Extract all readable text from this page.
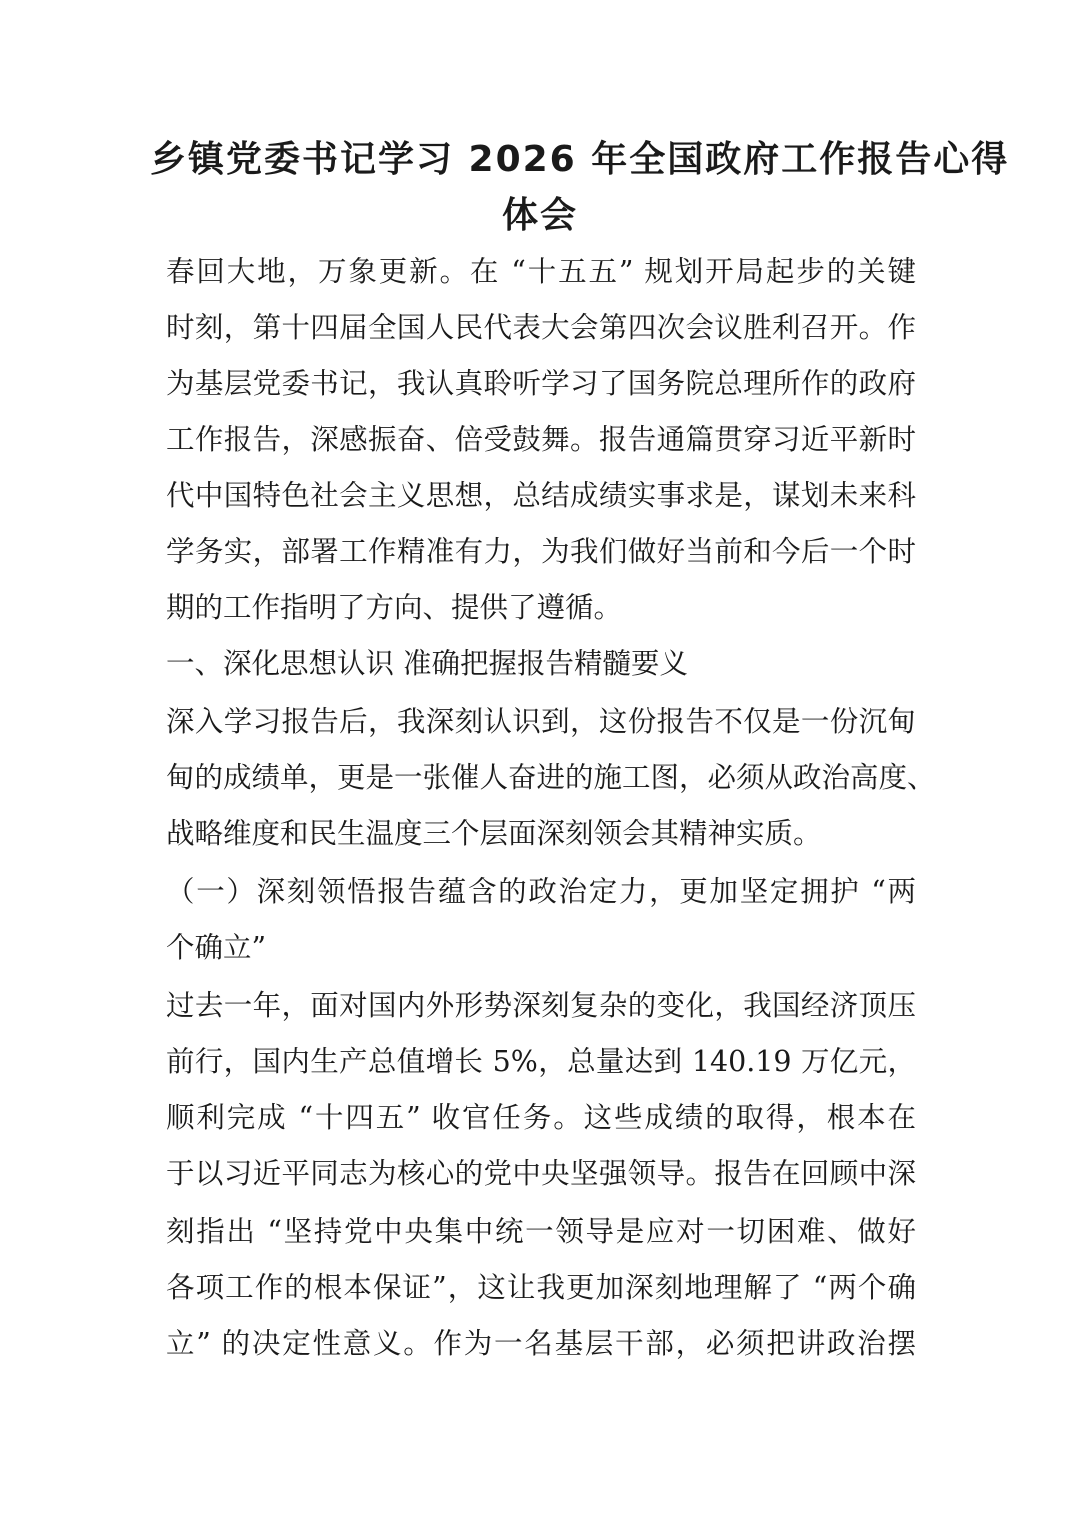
乡镇党委书记学习 2026 年全国政府工作报告心得
体会
春回大地，万象更新。在 “十五五” 规划开局起步的关键
时刻，第十四届全国人民代表大会第四次会议胜利召开。作
为基层党委书记，我认真聆听学习了国务院总理所作的政府
工作报告，深感振奋、倍受鼓舞。报告通篇贯穿习近平新时
代中国特色社会主义思想，总结成绩实事求是，谋划未来科
学务实，部署工作精准有力，为我们做好当前和今后一个时
期的工作指明了方向、提供了遵循。
一、深化思想认识 准确把握报告精髓要义
深入学习报告后，我深刻认识到，这份报告不仅是一份沉甸
甸的成绩单，更是一张催人奋进的施工图，必须从政治高度、
战略维度和民生温度三个层面深刻领会其精神实质。
（一）深刻领悟报告蕴含的政治定力，更加坚定拥护 “两
个确立”
过去一年，面对国内外形势深刻复杂的变化，我国经济顶压
前行，国内生产总值增长 5%，总量达到 140.19 万亿元，
顺利完成 “十四五” 收官任务。这些成绩的取得，根本在
于以习近平同志为核心的党中央坚强领导。报告在回顾中深
刻指出 “坚持党中央集中统一领导是应对一切困难、做好
各项工作的根本保证”，这让我更加深刻地理解了 “两个确
立” 的决定性意义。作为一名基层干部，必须把讲政治摆
